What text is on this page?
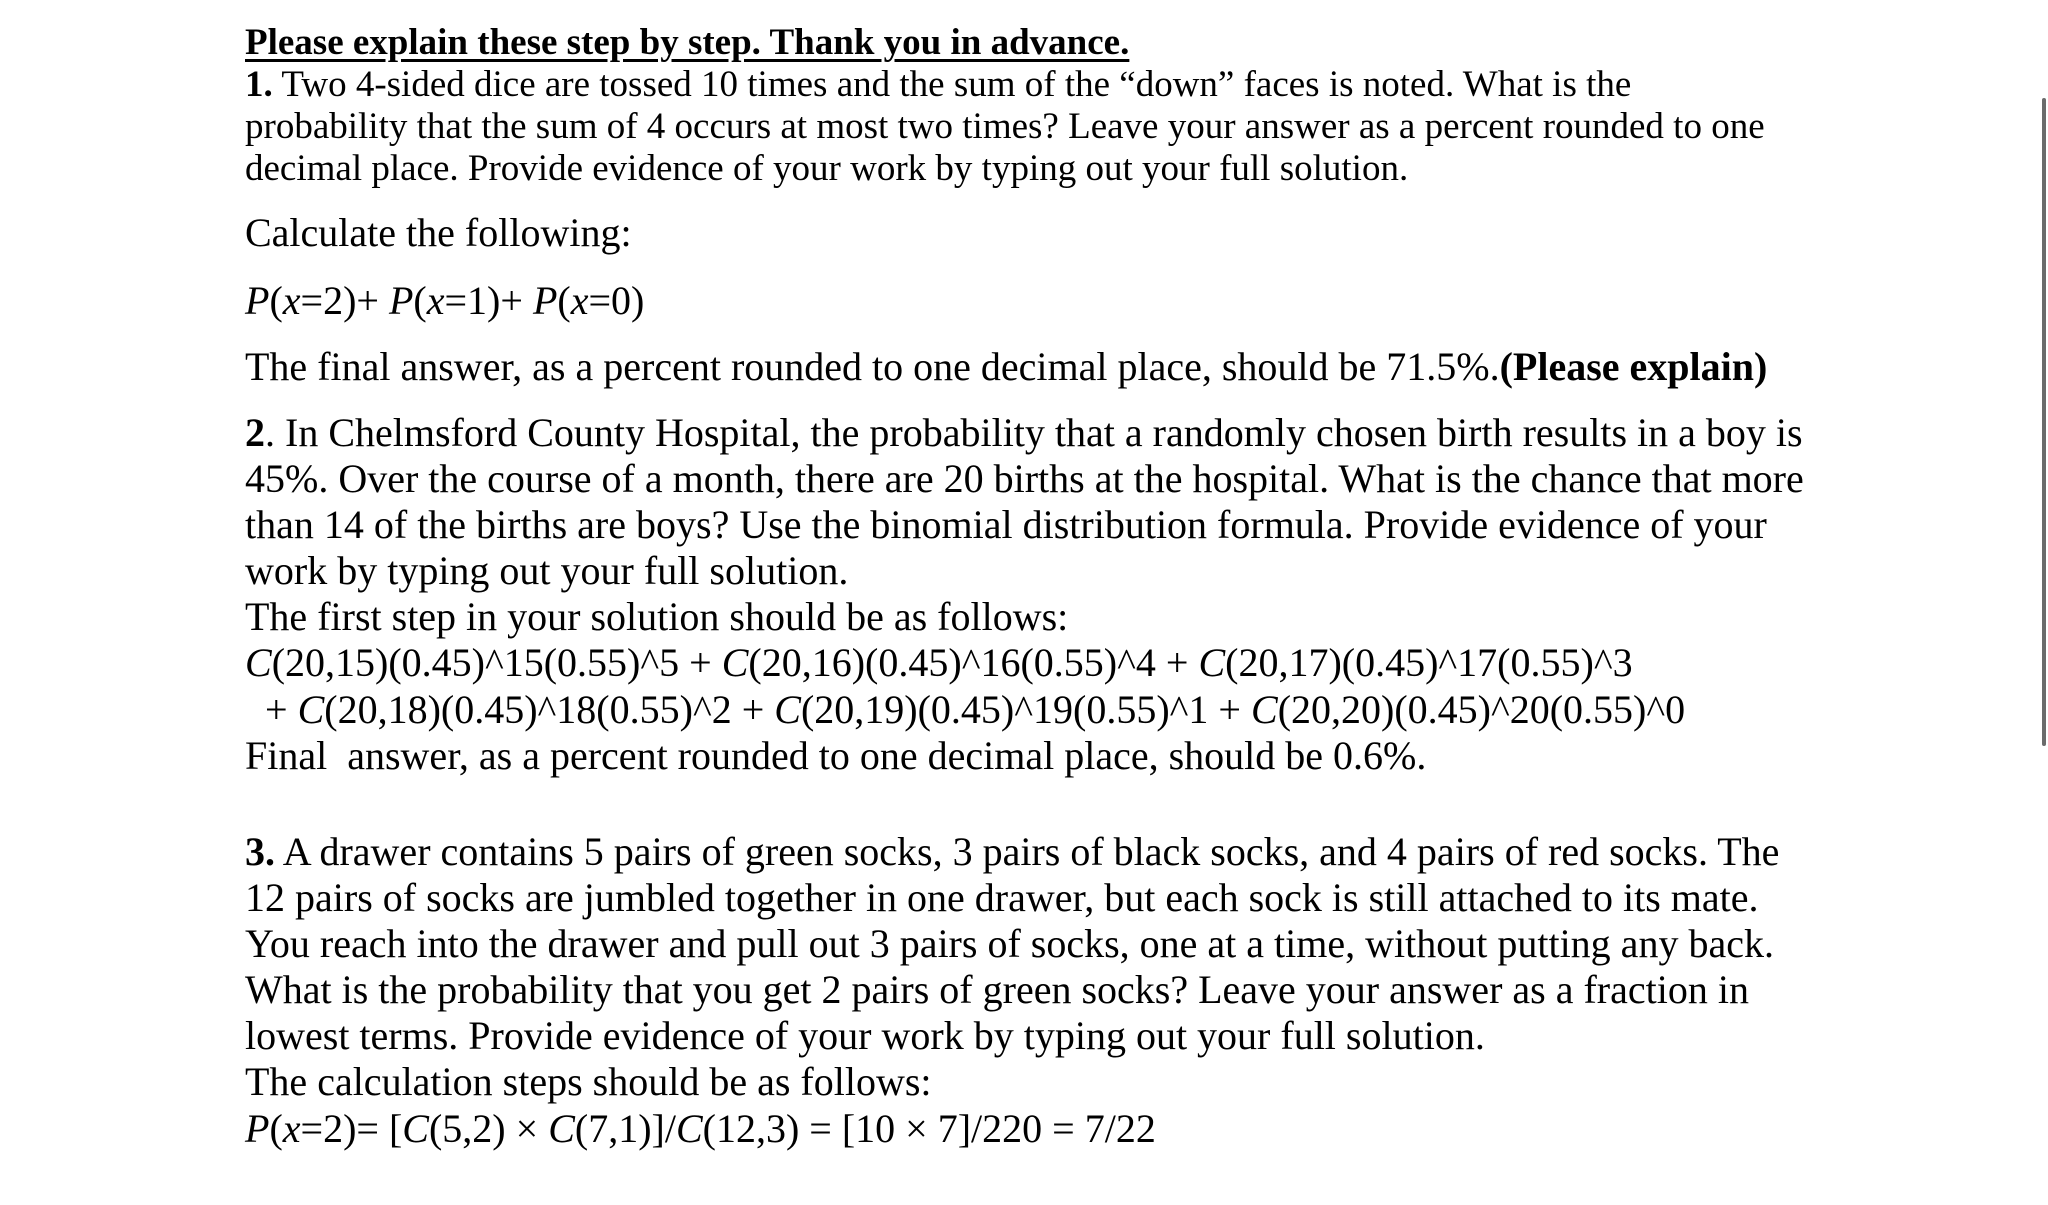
Please explain these step by step. Thank you in advance.
1. Two 4-sided dice are tossed 10 times and the sum of the “down” faces is noted. What is the
probability that the sum of 4 occurs at most two times? Leave your answer as a percent rounded to one
decimal place. Provide evidence of your work by typing out your full solution.
Calculate the following:
P(x=2)+ P(x=1)+ P(x=0)
The final answer, as a percent rounded to one decimal place, should be 71.5%.(Please explain)
2. In Chelmsford County Hospital, the probability that a randomly chosen birth results in a boy is
45%. Over the course of a month, there are 20 births at the hospital. What is the chance that more
than 14 of the births are boys? Use the binomial distribution formula. Provide evidence of your
work by typing out your full solution.
The first step in your solution should be as follows:
C(20,15)(0.45)^15(0.55)^5 + C(20,16)(0.45)^16(0.55)^4 + C(20,17)(0.45)^17(0.55)^3
+ C(20,18)(0.45)^18(0.55)^2 + C(20,19)(0.45)^19(0.55)^1 + C(20,20)(0.45)^20(0.55)^0
Final  answer, as a percent rounded to one decimal place, should be 0.6%.
3. A drawer contains 5 pairs of green socks, 3 pairs of black socks, and 4 pairs of red socks. The
12 pairs of socks are jumbled together in one drawer, but each sock is still attached to its mate.
You reach into the drawer and pull out 3 pairs of socks, one at a time, without putting any back.
What is the probability that you get 2 pairs of green socks? Leave your answer as a fraction in
lowest terms. Provide evidence of your work by typing out your full solution.
The calculation steps should be as follows:
P(x=2)= [C(5,2) × C(7,1)]/C(12,3) = [10 × 7]/220 = 7/22
